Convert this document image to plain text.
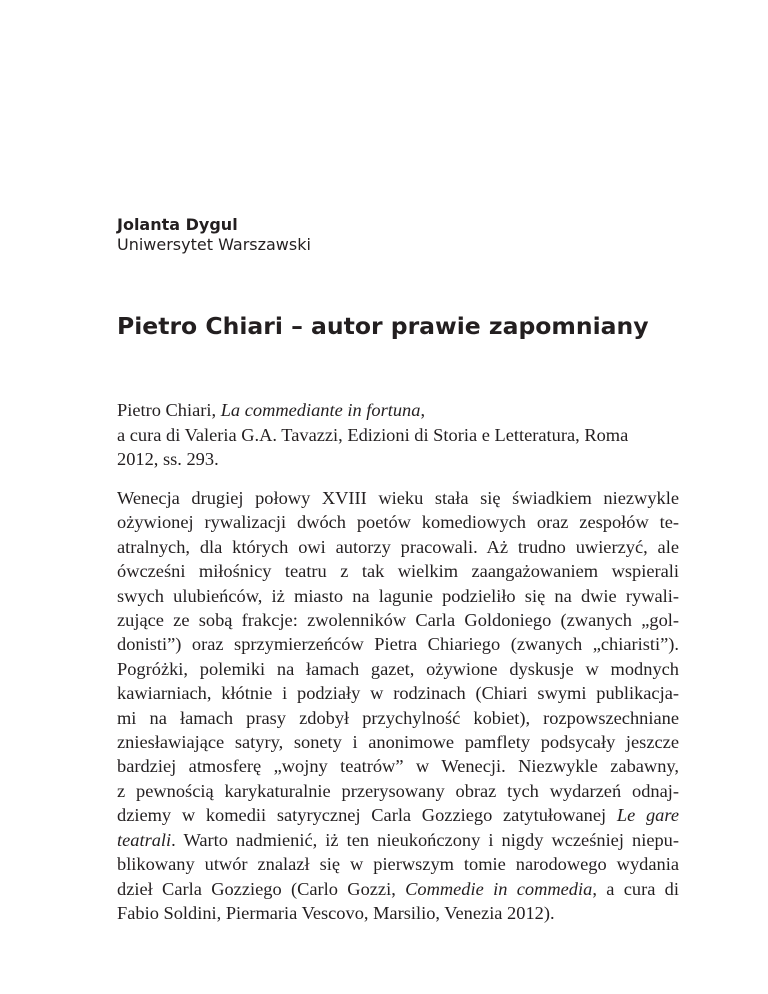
Jolanta Dygul
Uniwersytet Warszawski
Pietro Chiari – autor prawie zapomniany
Pietro Chiari, La commediante in fortuna,
a cura di Valeria G.A. Tavazzi, Edizioni di Storia e Letteratura, Roma
2012, ss. 293.
Wenecja drugiej połowy XVIII wieku stała się świadkiem niezwykle
ożywionej rywalizacji dwóch poetów komediowych oraz zespołów te-
atralnych, dla których owi autorzy pracowali. Aż trudno uwierzyć, ale
ówcześni miłośnicy teatru z tak wielkim zaangażowaniem wspierali
swych ulubieńców, iż miasto na lagunie podzieliło się na dwie rywali-
zujące ze sobą frakcje: zwolenników Carla Goldoniego (zwanych „gol-
donisti”) oraz sprzymierzeńców Pietra Chiariego (zwanych „chiaristi”).
Pogróżki, polemiki na łamach gazet, ożywione dyskusje w modnych
kawiarniach, kłótnie i podziały w rodzinach (Chiari swymi publikacja-
mi na łamach prasy zdobył przychylność kobiet), rozpowszechniane
zniesławiające satyry, sonety i anonimowe pamflety podsycały jeszcze
bardziej atmosferę „wojny teatrów” w Wenecji. Niezwykle zabawny,
z pewnością karykaturalnie przerysowany obraz tych wydarzeń odnaj-
dziemy w komedii satyrycznej Carla Gozziego zatytułowanej Le gare
teatrali. Warto nadmienić, iż ten nieukończony i nigdy wcześniej niepu-
blikowany utwór znalazł się w pierwszym tomie narodowego wydania
dzieł Carla Gozziego (Carlo Gozzi, Commedie in commedia, a cura di
Fabio Soldini, Piermaria Vescovo, Marsilio, Venezia 2012).
